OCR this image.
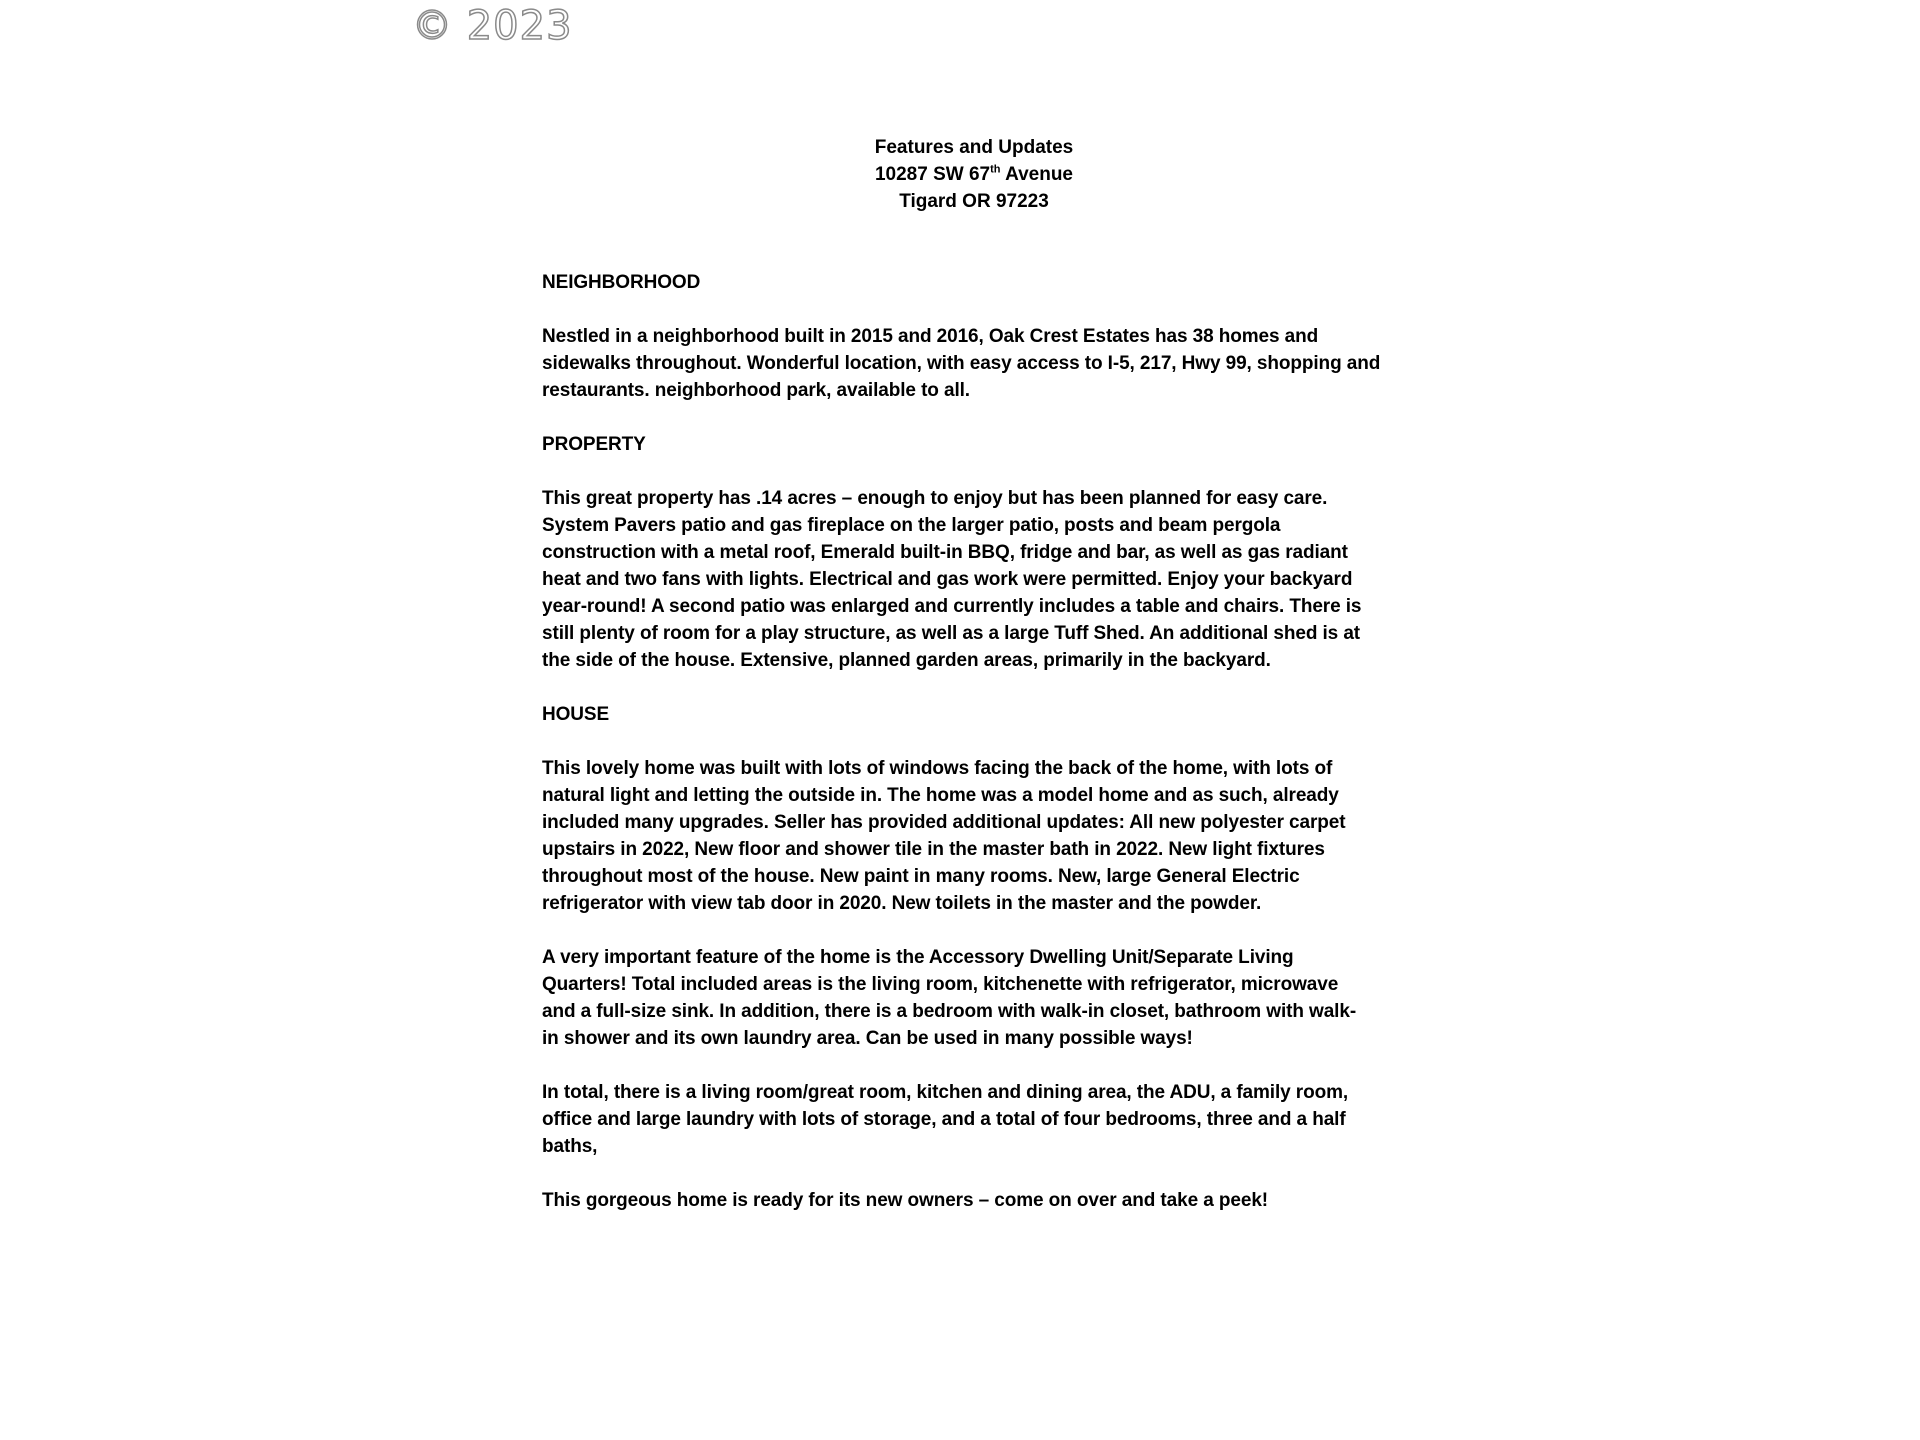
© 2023
Features and Updates
10287 SW 67th Avenue
Tigard OR 97223
NEIGHBORHOOD

Nestled in a neighborhood built in 2015 and 2016, Oak Crest Estates has 38 homes and
sidewalks throughout. Wonderful location, with easy access to I-5, 217, Hwy 99, shopping and
restaurants. neighborhood park, available to all.

PROPERTY

This great property has .14 acres – enough to enjoy but has been planned for easy care.
System Pavers patio and gas fireplace on the larger patio, posts and beam pergola
construction with a metal roof, Emerald built-in BBQ, fridge and bar, as well as gas radiant
heat and two fans with lights. Electrical and gas work were permitted. Enjoy your backyard
year-round! A second patio was enlarged and currently includes a table and chairs. There is
still plenty of room for a play structure, as well as a large Tuff Shed. An additional shed is at
the side of the house. Extensive, planned garden areas, primarily in the backyard.

HOUSE

This lovely home was built with lots of windows facing the back of the home, with lots of
natural light and letting the outside in. The home was a model home and as such, already
included many upgrades. Seller has provided additional updates: All new polyester carpet
upstairs in 2022, New floor and shower tile in the master bath in 2022. New light fixtures
throughout most of the house. New paint in many rooms. New, large General Electric
refrigerator with view tab door in 2020. New toilets in the master and the powder.

A very important feature of the home is the Accessory Dwelling Unit/Separate Living
Quarters! Total included areas is the living room, kitchenette with refrigerator, microwave
and a full-size sink. In addition, there is a bedroom with walk-in closet, bathroom with walk-
in shower and its own laundry area. Can be used in many possible ways!

In total, there is a living room/great room, kitchen and dining area, the ADU, a family room,
office and large laundry with lots of storage, and a total of four bedrooms, three and a half
baths,

This gorgeous home is ready for its new owners – come on over and take a peek!
